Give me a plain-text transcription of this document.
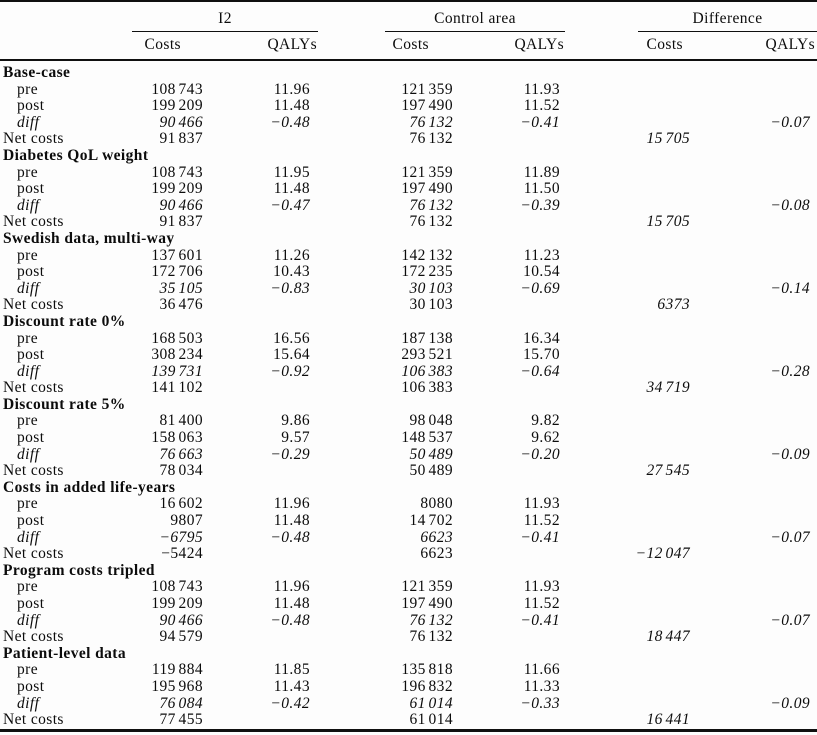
	I2		Control area		Difference	

	Costs	QALYs	Costs	QALYs	Costs	QALYs
Base-case						
pre	108 743	11.96	121 359	11.93		
post	199 209	11.48	197 490	11.52		
diff	90 466	−0.48	76 132	−0.41		−0.07
Net costs	91 837		76 132		15 705	
Diabetes QoL weight						
pre	108 743	11.95	121 359	11.89		
post	199 209	11.48	197 490	11.50		
diff	90 466	−0.47	76 132	−0.39		−0.08
Net costs	91 837		76 132		15 705	
Swedish data, multi-way						
pre	137 601	11.26	142 132	11.23		
post	172 706	10.43	172 235	10.54		
diff	35 105	−0.83	30 103	−0.69		−0.14
Net costs	36 476		30 103		6373	
Discount rate 0%						
pre	168 503	16.56	187 138	16.34		
post	308 234	15.64	293 521	15.70		
diff	139 731	−0.92	106 383	−0.64		−0.28
Net costs	141 102		106 383		34 719	
Discount rate 5%						
pre	81 400	9.86	98 048	9.82		
post	158 063	9.57	148 537	9.62		
diff	76 663	−0.29	50 489	−0.20		−0.09
Net costs	78 034		50 489		27 545	
Costs in added life-years						
pre	16 602	11.96	8080	11.93		
post	9807	11.48	14 702	11.52		
diff	−6795	−0.48	6623	−0.41		−0.07
Net costs	−5424		6623		−12 047	
Program costs tripled						
pre	108 743	11.96	121 359	11.93		
post	199 209	11.48	197 490	11.52		
diff	90 466	−0.48	76 132	−0.41		−0.07
Net costs	94 579		76 132		18 447	
Patient-level data						
pre	119 884	11.85	135 818	11.66		
post	195 968	11.43	196 832	11.33		
diff	76 084	−0.42	61 014	−0.33		−0.09
Net costs	77 455		61 014		16 441	
